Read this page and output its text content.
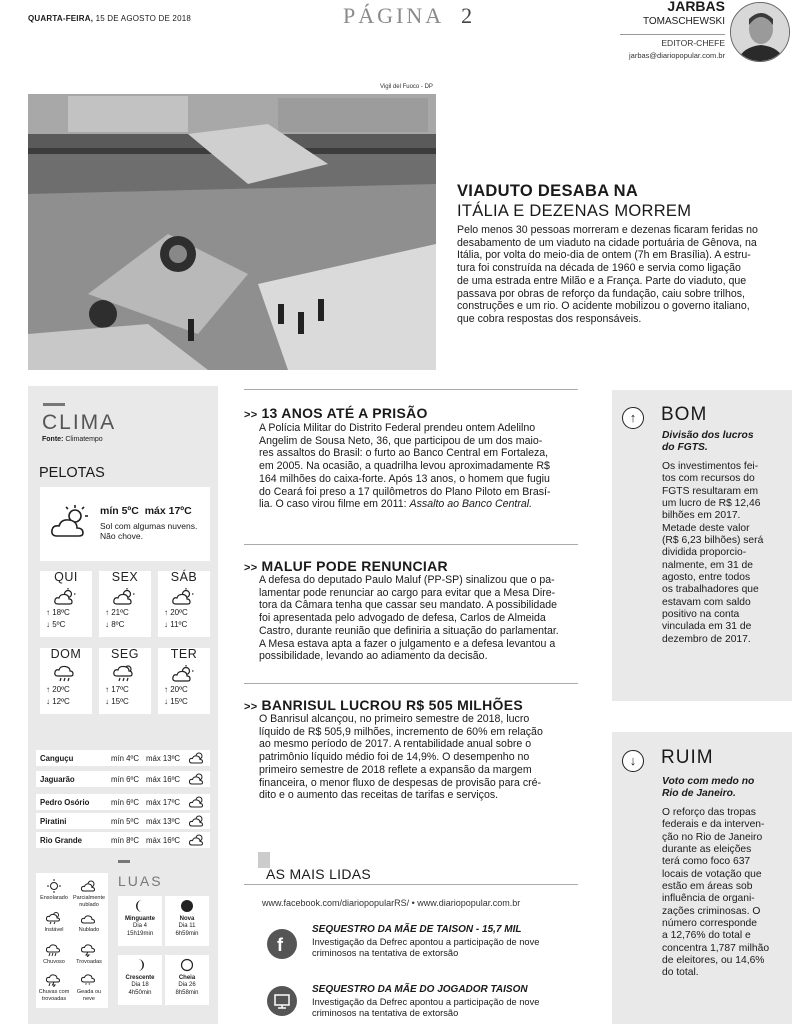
QUARTA-FEIRA, 15 DE AGOSTO DE 2018	PÁGINA 2	JARBAS
TOMASCHEWSKI
EDITOR-CHEFE
jarbas@diariopopular.com.br
Vigil del Fuoco - DP
VIADUTO DESABA NA
ITÁLIA E DEZENAS MORREM
Pelo menos 30 pessoas morreram e dezenas ficaram feridas no
desabamento de um viaduto na cidade portuária de Gênova, na
Itália, por volta do meio-dia de ontem (7h em Brasília). A estru-
tura foi construída na década de 1960 e servia como ligação
de uma estrada entre Milão e a França. Parte do viaduto, que
passava por obras de reforço da fundação, caiu sobre trilhos,
construções e um rio. O acidente mobilizou o governo italiano,
que cobra respostas dos responsáveis.
CLIMA
Fonte: Climatempo
PELOTAS
mín 5ºC máx 17ºC
Sol com algumas nuvens.
Não chove.
QUI
↑ 18ºC
↓ 5ºC
SEX
↑ 21ºC
↓ 8ºC
SÁB
↑ 20ºC
↓ 11ºC
DOM
↑ 20ºC
↓ 12ºC
SEG
↑ 17ºC
↓ 15ºC
TER
↑ 20ºC
↓ 15ºC
Canguçu	mín 4ºC máx 13ºC
Jaguarão	mín 6ºC máx 16ºC
Pedro Osório	mín 6ºC máx 17ºC
Piratini	mín 5ºC máx 13ºC
Rio Grande	mín 8ºC máx 16ºC
Ensolarado Parcialmente nublado
Instável	Nublado
Chuvoso	Trovoadas
Chuvas com trovoadas
* *
Geada ou neve
LUAS
Minguante
Dia 4
15h19min
Nova
Dia 11
6h59min
Crescente
Dia 18
4h50min
Cheia
Dia 26
8h58min
>> 13 ANOS ATÉ A PRISÃO
A Polícia Militar do Distrito Federal prendeu ontem Adelilno
Angelim de Sousa Neto, 36, que participou de um dos maio-
res assaltos do Brasil: o furto ao Banco Central em Fortaleza,
em 2005. Na ocasião, a quadrilha levou aproximadamente R$
164 milhões do caixa-forte. Após 13 anos, o homem que fugiu
do Ceará foi preso a 17 quilômetros do Plano Piloto em Brasí-
lia. O caso virou filme em 2011: Assalto ao Banco Central.
>> MALUF PODE RENUNCIAR
A defesa do deputado Paulo Maluf (PP-SP) sinalizou que o pa-
lamentar pode renunciar ao cargo para evitar que a Mesa Dire-
tora da Câmara tenha que cassar seu mandato. A possibilidade
foi apresentada pelo advogado de defesa, Carlos de Almeida
Castro, durante reunião que definiria a situação do parlamentar.
A Mesa estava apta a fazer o julgamento e a defesa levantou a
possibilidade, levando ao adiamento da decisão.
>> BANRISUL LUCROU R$ 505 MILHÕES
O Banrisul alcançou, no primeiro semestre de 2018, lucro
líquido de R$ 505,9 milhões, incremento de 60% em relação
ao mesmo período de 2017. A rentabilidade anual sobre o
patrimônio líquido médio foi de 14,9%. O desempenho no
primeiro semestre de 2018 reflete a expansão da margem
financeira, o menor fluxo de despesas de provisão para cré-
dito e o aumento das receitas de tarifas e serviços.
AS MAIS LIDAS
www.facebook.com/diariopopularRS/ • www.diariopopular.com.br
f
SEQUESTRO DA MÃE DE TAISON - 15,7 MIL
Investigação da Defrec apontou a participação de nove
criminosos na tentativa de extorsão
SEQUESTRO DA MÃE DO JOGADOR TAISON
Investigação da Defrec apontou a participação de nove
criminosos na tentativa de extorsão
↑	BOM
Divisão dos lucros
do FGTS.
Os investimentos fei-
tos com recursos do
FGTS resultaram em
um lucro de R$ 12,46
bilhões em 2017.
Metade deste valor
(R$ 6,23 bilhões) será
dividida proporcio-
nalmente, em 31 de
agosto, entre todos
os trabalhadores que
estavam com saldo
positivo na conta
vinculada em 31 de
dezembro de 2017.
↓	RUIM
Voto com medo no
Rio de Janeiro.
O reforço das tropas
federais e da interven-
ção no Rio de Janeiro
durante as eleições
terá como foco 637
locais de votação que
estão em áreas sob
influência de organi-
zações criminosas. O
número corresponde
a 12,76% do total e
concentra 1,787 milhão
de eleitores, ou 14,6%
do total.
